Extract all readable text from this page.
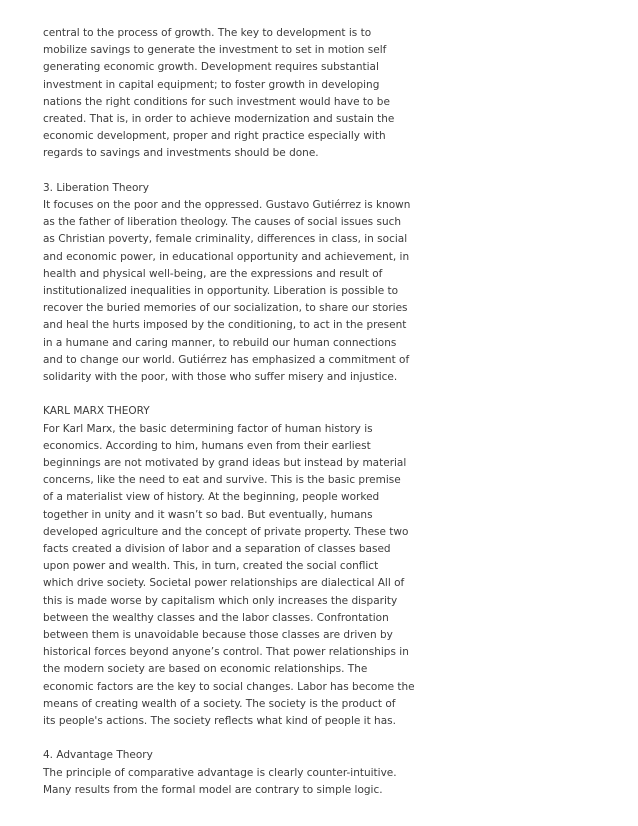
central to the process of growth. The key to development is to
mobilize savings to generate the investment to set in motion self
generating economic growth. Development requires substantial
investment in capital equipment; to foster growth in developing
nations the right conditions for such investment would have to be
created. That is, in order to achieve modernization and sustain the
economic development, proper and right practice especially with
regards to savings and investments should be done.
3. Liberation Theory
It focuses on the poor and the oppressed. Gustavo Gutiérrez is known
as the father of liberation theology. The causes of social issues such
as Christian poverty, female criminality, differences in class, in social
and economic power, in educational opportunity and achievement, in
health and physical well-being, are the expressions and result of
institutionalized inequalities in opportunity. Liberation is possible to
recover the buried memories of our socialization, to share our stories
and heal the hurts imposed by the conditioning, to act in the present
in a humane and caring manner, to rebuild our human connections
and to change our world. Gutiérrez has emphasized a commitment of
solidarity with the poor, with those who suffer misery and injustice.
KARL MARX THEORY
For Karl Marx, the basic determining factor of human history is
economics. According to him, humans even from their earliest
beginnings are not motivated by grand ideas but instead by material
concerns, like the need to eat and survive. This is the basic premise
of a materialist view of history. At the beginning, people worked
together in unity and it wasn’t so bad. But eventually, humans
developed agriculture and the concept of private property. These two
facts created a division of labor and a separation of classes based
upon power and wealth. This, in turn, created the social conflict
which drive society. Societal power relationships are dialectical All of
this is made worse by capitalism which only increases the disparity
between the wealthy classes and the labor classes. Confrontation
between them is unavoidable because those classes are driven by
historical forces beyond anyone’s control. That power relationships in
the modern society are based on economic relationships. The
economic factors are the key to social changes. Labor has become the
means of creating wealth of a society. The society is the product of
its people's actions. The society reflects what kind of people it has.
4. Advantage Theory
The principle of comparative advantage is clearly counter-intuitive.
Many results from the formal model are contrary to simple logic.
